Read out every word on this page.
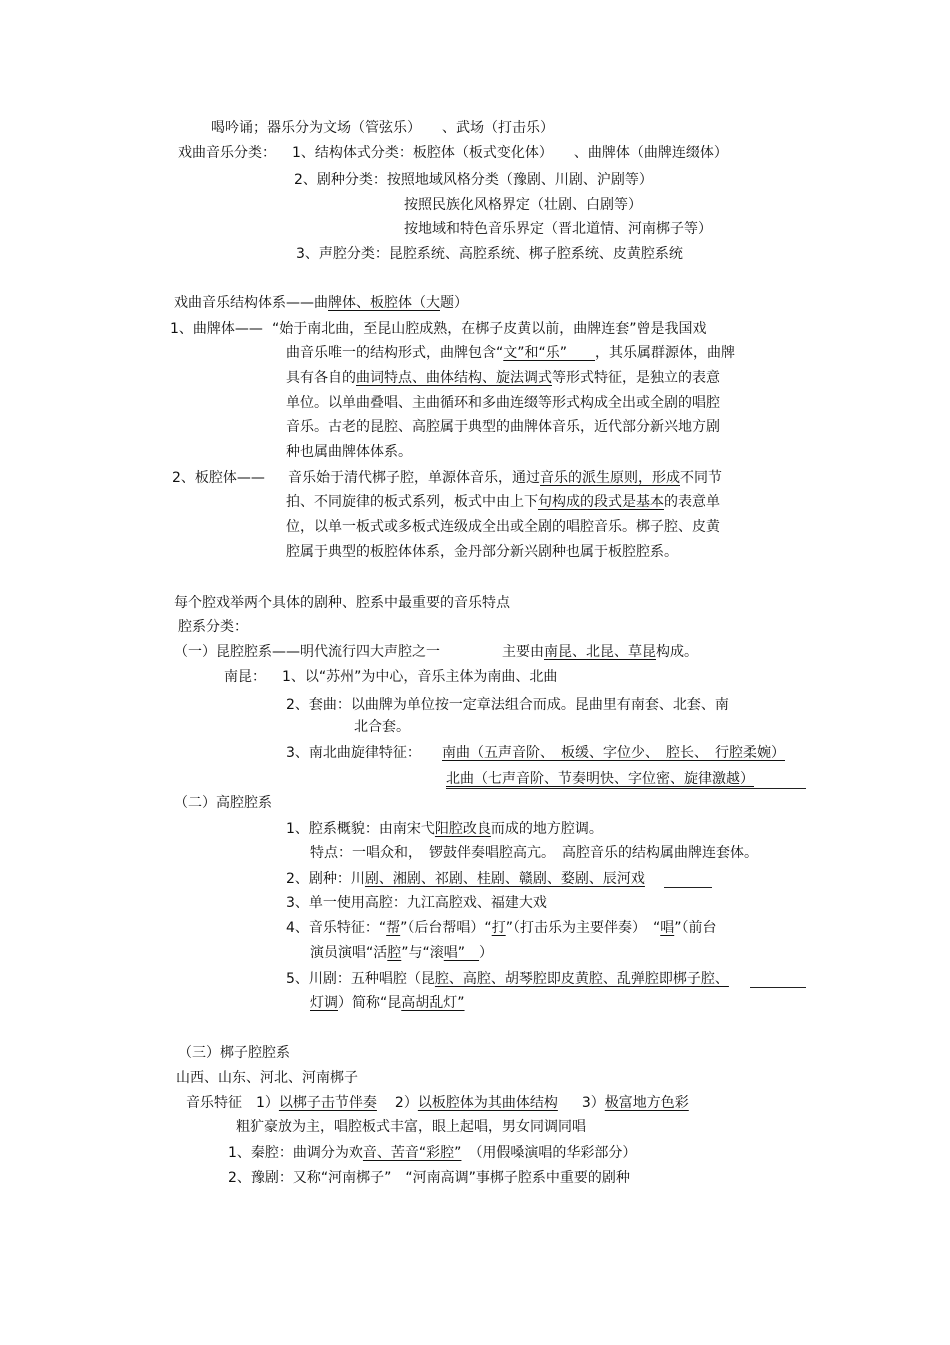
喝吟诵；器乐分为文场（管弦乐）　　、武场（打击乐）
戏曲音乐分类： 1、结构体式分类：板腔体（板式变化体）　　、曲牌体（曲牌连缀体）
2、剧种分类：按照地域风格分类（豫剧、川剧、沪剧等）
按照民族化风格界定（壮剧、白剧等）
按地域和特色音乐界定（晋北道情、河南梆子等）
3、声腔分类：昆腔系统、高腔系统、梆子腔系统、皮黄腔系统
戏曲音乐结构体系——曲牌体、板腔体（大题）
1、曲牌体—— “始于南北曲，至昆山腔成熟，在梆子皮黄以前，曲牌连套”曾是我国戏
曲音乐唯一的结构形式，曲牌包含“文”和“乐”　　，其乐属群源体，曲牌
具有各自的曲词特点、曲体结构、旋法调式等形式特征，是独立的表意
单位。以单曲叠唱、主曲循环和多曲连缀等形式构成全出或全剧的唱腔
音乐。古老的昆腔、高腔属于典型的曲牌体音乐，近代部分新兴地方剧
种也属曲牌体体系。
2、板腔体—— 音乐始于清代梆子腔，单源体音乐，通过音乐的派生原则，形成不同节
拍、不同旋律的板式系列，板式中由上下句构成的段式是基本的表意单
位，以单一板式或多板式连级成全出或全剧的唱腔音乐。梆子腔、皮黄
腔属于典型的板腔体体系，金丹部分新兴剧种也属于板腔腔系。
每个腔戏举两个具体的剧种、腔系中最重要的音乐特点
腔系分类：
（一）昆腔腔系——明代流行四大声腔之一	主要由南昆、北昆、草昆构成。
南昆： 1、以“苏州”为中心，音乐主体为南曲、北曲
2、套曲：以曲牌为单位按一定章法组合而成。昆曲里有南套、北套、南
北合套。
3、南北曲旋律特征： 南曲（五声音阶、　板缓、字位少、　腔长、　行腔柔婉）
北曲（七声音阶、节奏明快、字位密、旋律激越）
（二）高腔腔系
1、腔系概貌：由南宋弋阳腔改良而成的地方腔调。
特点：一唱众和，　锣鼓伴奏唱腔高亢。　高腔音乐的结构属曲牌连套体。
2、剧种：川剧、湘剧、祁剧、桂剧、赣剧、婺剧、辰河戏
3、单一使用高腔：九江高腔戏、福建大戏
4、音乐特征：“帮”（后台帮唱）“打”（打击乐为主要伴奏）　“唱”（前台
演员演唱“活腔”与“滚唱”　）
5、川剧：五种唱腔（昆腔、高腔、胡琴腔即皮黄腔、乱弹腔即梆子腔、
灯调）简称“昆高胡乱灯”
（三）梆子腔腔系
山西、山东、河北、河南梆子
音乐特征　1）以梆子击节伴奏 2）以板腔体为其曲体结构 3）极富地方色彩
粗犷豪放为主，唱腔板式丰富，眼上起唱，男女同调同唱
1、秦腔：曲调分为欢音、苦音“彩腔” （用假嗓演唱的华彩部分）
2、豫剧：又称“河南梆子”　“河南高调”事梆子腔系中重要的剧种
